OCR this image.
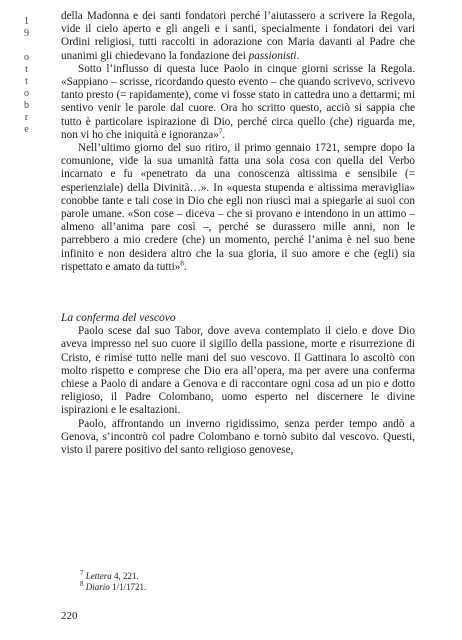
19 ottobre	della Madonna e dei santi fondatori perché l’aiutassero a scrivere la Regola, vide il cielo aperto e gli angeli e i santi, specialmente i fondatori dei vari Ordini religiosi, tutti raccolti in adorazione con Maria davanti al Padre che unanimi gli chiedevano la fondazione dei passionisti.

Sotto l’influsso di questa luce Paolo in cinque giorni scrisse la Regola. «Sappiano – scrisse, ricordando questo evento – che quando scrivevo, scrivevo tanto presto (= rapidamente), come vi fosse stato in cattedra uno a dettarmi; mi sentivo venir le parole dal cuore. Ora ho scritto questo, acciò si sappia che tutto è particolare ispirazione di Dio, perché circa quello (che) riguarda me, non vi ho che iniquità e ignoranza»$^7$.

Nell’ultimo giorno del suo ritiro, il primo gennaio 1721, sempre dopo la comunione, vide la sua umanità fatta una sola cosa con quella del Verbo incarnato e fu «penetrato da una conoscenza altissima e sensibile (= esperienziale) della Divinità…». In «questa stupenda e altissima meraviglia» conobbe tante e tali cose in Dio che egli non riuscì mai a spiegarle ai suoi con parole umane. «Son cose – diceva – che si provano e intendono in un attimo – almeno all’anima pare così –, perché se durassero mille anni, non le parrebbero a mio credere (che) un momento, perché l’anima è nel suo bene infinito e non desidera altro che la sua gloria, il suo amore e che (egli) sia rispettato e amato da tutti»$^8$.

La conferma del vescovo

Paolo scese dal suo Tabor, dove aveva contemplato il cielo e dove Dio aveva impresso nel suo cuore il sigillo della passione, morte e risurrezione di Cristo, e rimise tutto nelle mani del suo vescovo. Il Gattinara lo ascoltò con molto rispetto e comprese che Dio era all’opera, ma per avere una conferma chiese a Paolo di andare a Genova e di raccontare ogni cosa ad un pio e dotto religioso, il Padre Colombano, uomo esperto nel discernere le divine ispirazioni e le esaltazioni.

Paolo, affrontando un inverno rigidissimo, senza perder tempo andò a Genova, s’incontrò col padre Colombano e tornò subito dal vescovo. Questi, visto il parere positivo del santo religioso genovese,

$^7$ Lettera 4, 221.

$^8$ Diario 1/1/1721.

220
